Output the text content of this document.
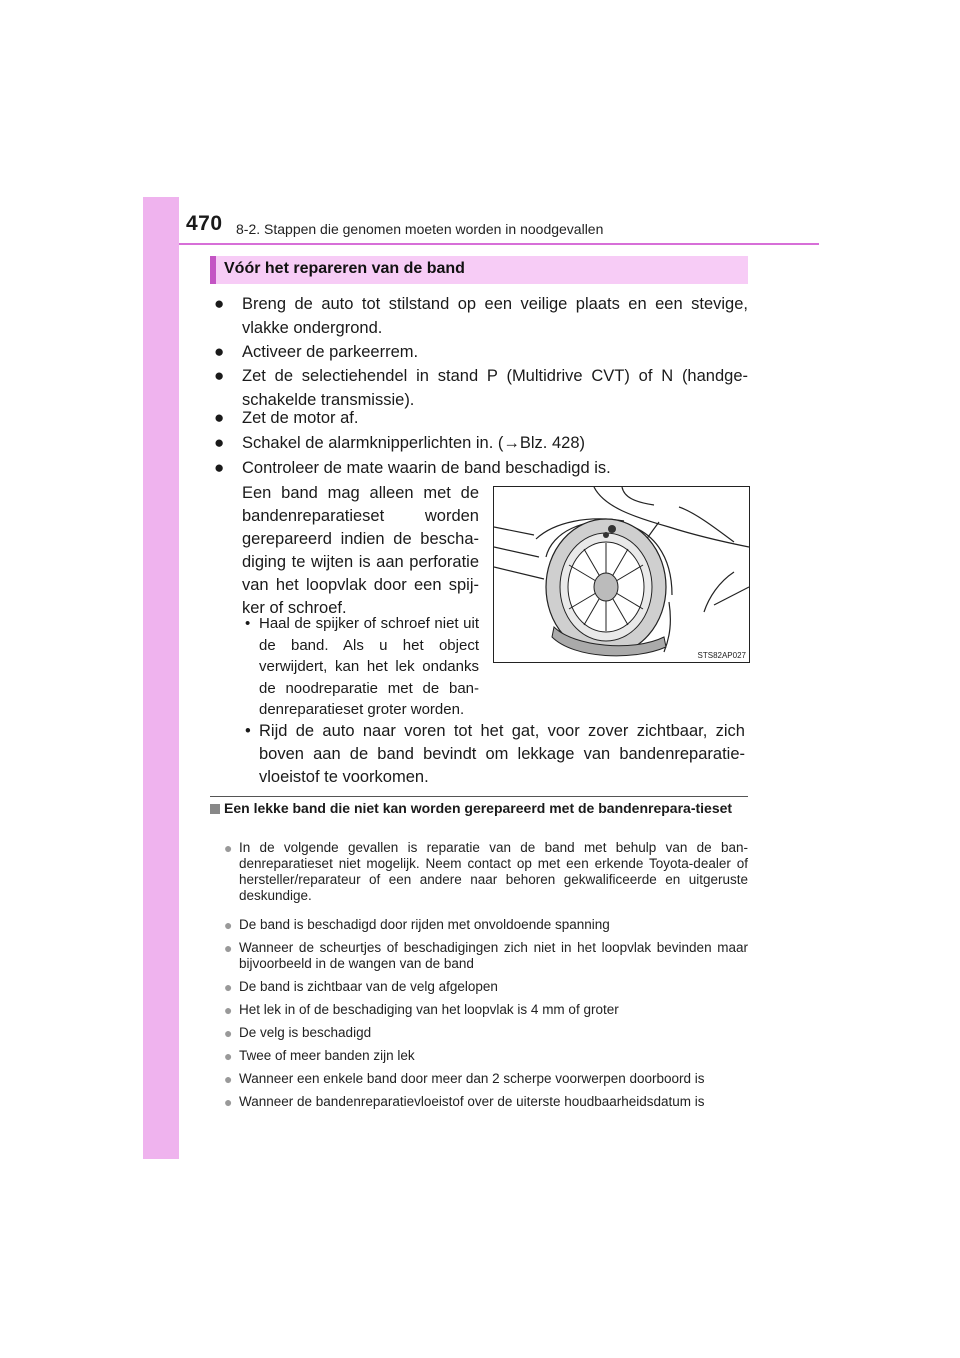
470 8-2. Stappen die genomen moeten worden in noodgevallen
Vóór het repareren van de band
● Breng de auto tot stilstand op een veilige plaats en een stevige, vlakke ondergrond.
● Activeer de parkeerrem.
● Zet de selectiehendel in stand P (Multidrive CVT) of N (handge-schakelde transmissie).
● Zet de motor af.
● Schakel de alarmknipperlichten in. (→Blz. 428)
● Controleer de mate waarin de band beschadigd is.
Een band mag alleen met de bandenreparatieset worden gerepareerd indien de bescha-diging te wijten is aan perforatie van het loopvlak door een spij-ker of schroef.
• Haal de spijker of schroef niet uit de band. Als u het object verwijdert, kan het lek ondanks de noodreparatie met de ban-denreparatieset groter worden.
• Rijd de auto naar voren tot het gat, voor zover zichtbaar, zich boven aan de band bevindt om lekkage van bandenreparatie-vloeistof te voorkomen.
STS82AP027
Een lekke band die niet kan worden gerepareerd met de bandenrepara-tieset
● In de volgende gevallen is reparatie van de band met behulp van de ban-denreparatieset niet mogelijk. Neem contact op met een erkende Toyota-dealer of hersteller/reparateur of een andere naar behoren gekwalificeerde en uitgeruste deskundige.
● De band is beschadigd door rijden met onvoldoende spanning
● Wanneer de scheurtjes of beschadigingen zich niet in het loopvlak bevinden maar bijvoorbeeld in de wangen van de band
● De band is zichtbaar van de velg afgelopen
● Het lek in of de beschadiging van het loopvlak is 4 mm of groter
● De velg is beschadigd
● Twee of meer banden zijn lek
● Wanneer een enkele band door meer dan 2 scherpe voorwerpen doorboord is
● Wanneer de bandenreparatievloeistof over de uiterste houdbaarheidsdatum is
